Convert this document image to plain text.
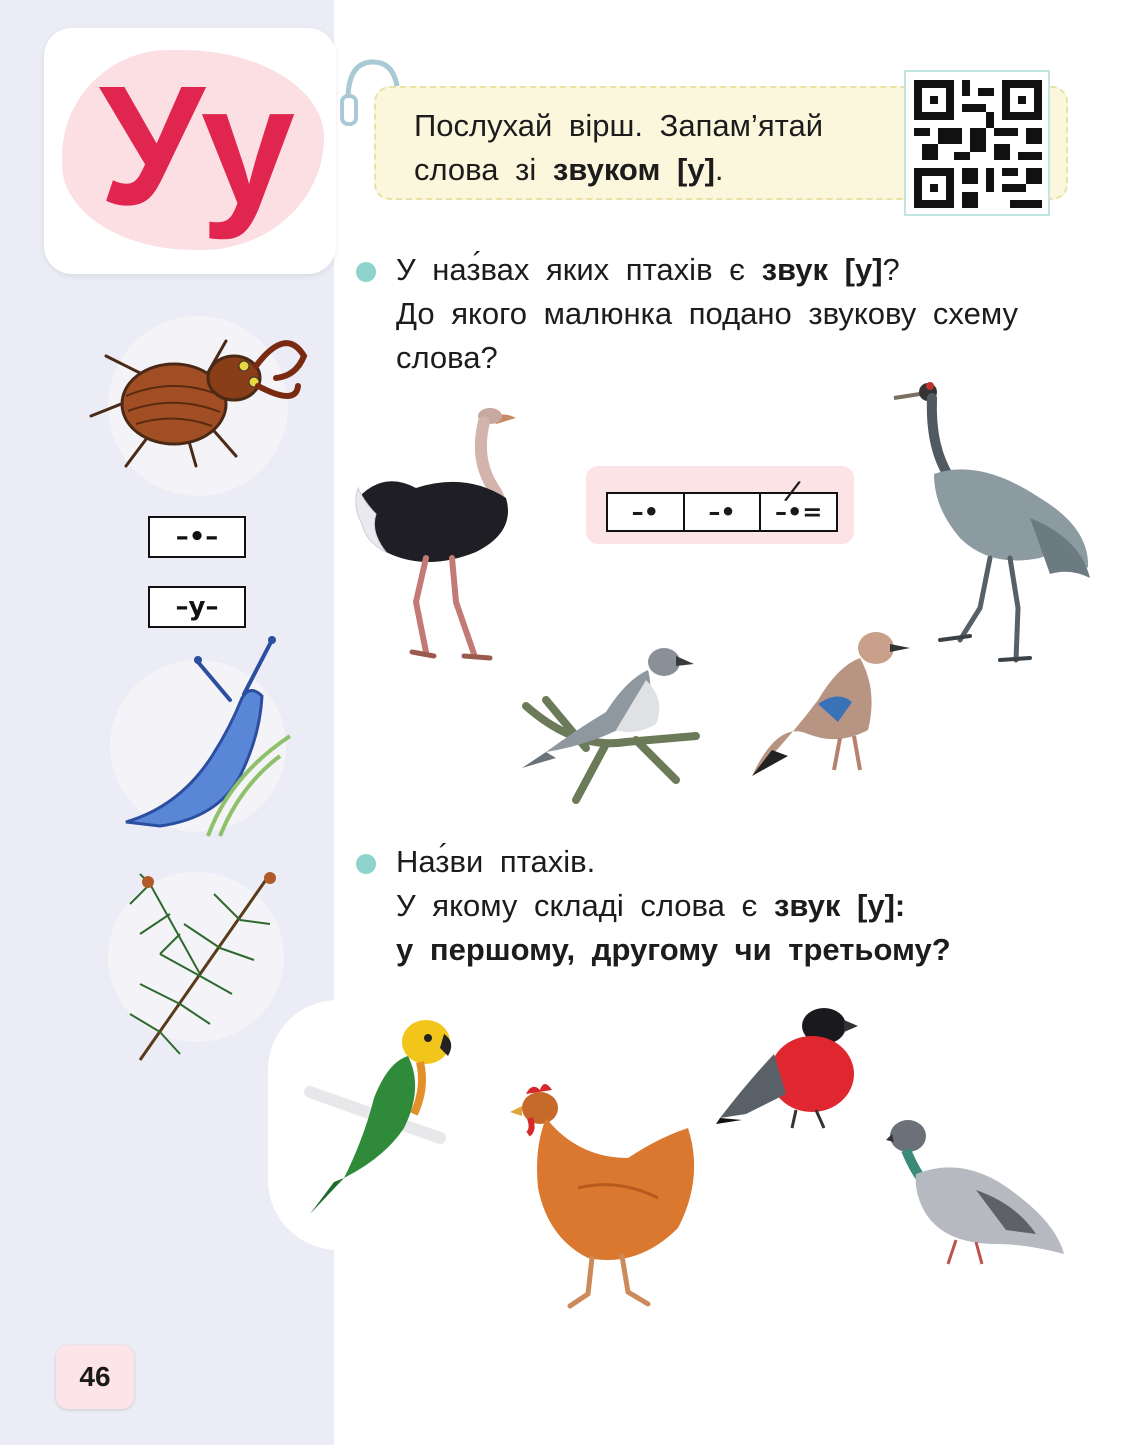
Уу
–•–
–у–
Послухай вірш. Запам’ятай
слова зі звуком [у].
У наз ´вах яких птахів є звук [у]?
До якого малюнка подано звукову схему
слова?
–•	–•	–•=
/
Назви ´ птахів.
У якому складі слова є звук [у]:
у першому, другому чи третьому?
46
